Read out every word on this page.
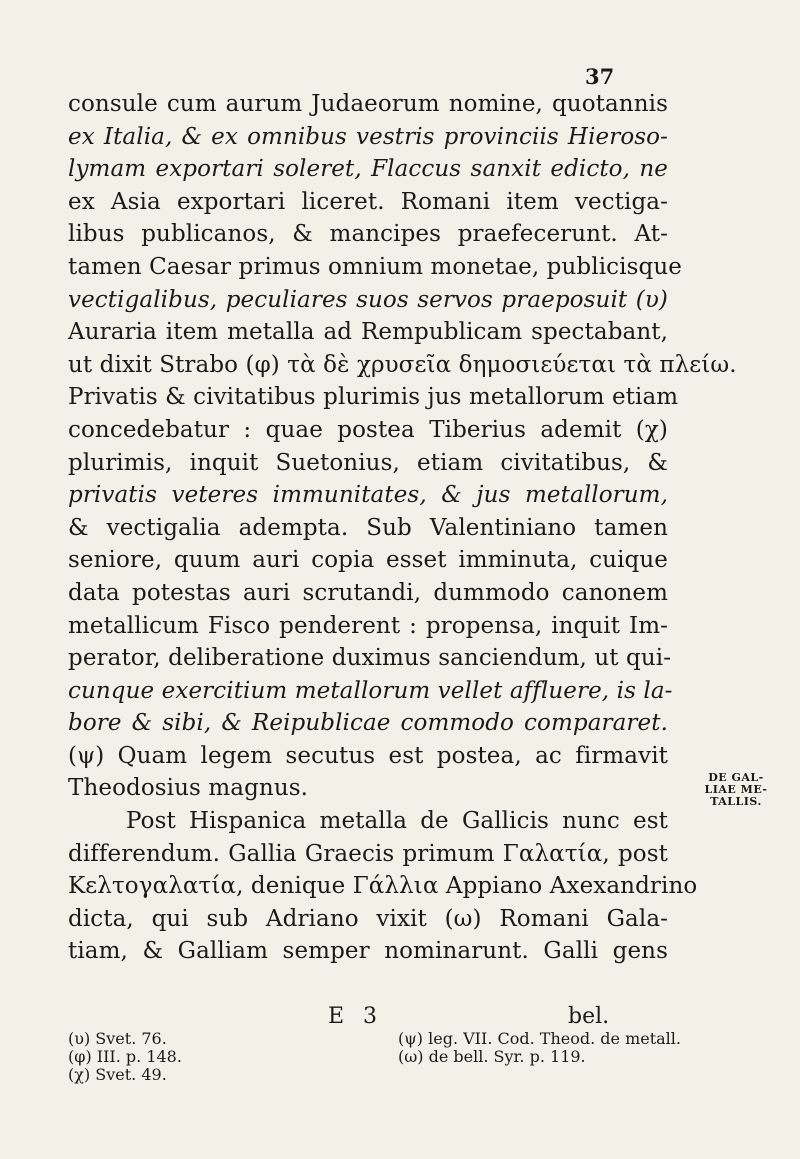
37
consule cum aurum Judaeorum nomine, quotannis
ex Italia, & ex omnibus vestris provinciis Hieroso-
lymam exportari soleret, Flaccus sanxit edicto, ne
ex Asia exportari liceret. Romani item vectiga-
libus publicanos, & mancipes praefecerunt. At-
tamen Caesar primus omnium monetae, publicisque
vectigalibus, peculiares suos servos praeposuit (υ)
Auraria item metalla ad Rempublicam spectabant,
ut dixit Strabo (φ) τὰ δὲ χρυσεῖα δημοσιεύεται τὰ πλείω.
Privatis & civitatibus plurimis jus metallorum etiam
concedebatur : quae postea Tiberius ademit (χ)
plurimis, inquit Suetonius, etiam civitatibus, &
privatis veteres immunitates, & jus metallorum,
& vectigalia adempta. Sub Valentiniano tamen
seniore, quum auri copia esset imminuta, cuique
data potestas auri scrutandi, dummodo canonem
metallicum Fisco penderent : propensa, inquit Im-
perator, deliberatione duximus sanciendum, ut qui-
cunque exercitium metallorum vellet affluere, is la-
bore & sibi, & Reipublicae commodo compararet.
(ψ) Quam legem secutus est postea, ac firmavit
Theodosius magnus.
Post Hispanica metalla de Gallicis nunc est
differendum. Gallia Graecis primum Γαλατία, post
Κελτογαλατία, denique Γάλλια Appiano Axexandrino
dicta, qui sub Adriano vixit (ω) Romani Gala-
tiam, & Galliam semper nominarunt. Galli gens
DE GAL-
LIAE ME-
TALLIS.
E 3	bel.
(υ) Svet. 76.
(φ) III. p. 148.
(χ) Svet. 49.
(ψ) leg. VII. Cod. Theod. de metall.
(ω) de bell. Syr. p. 119.
